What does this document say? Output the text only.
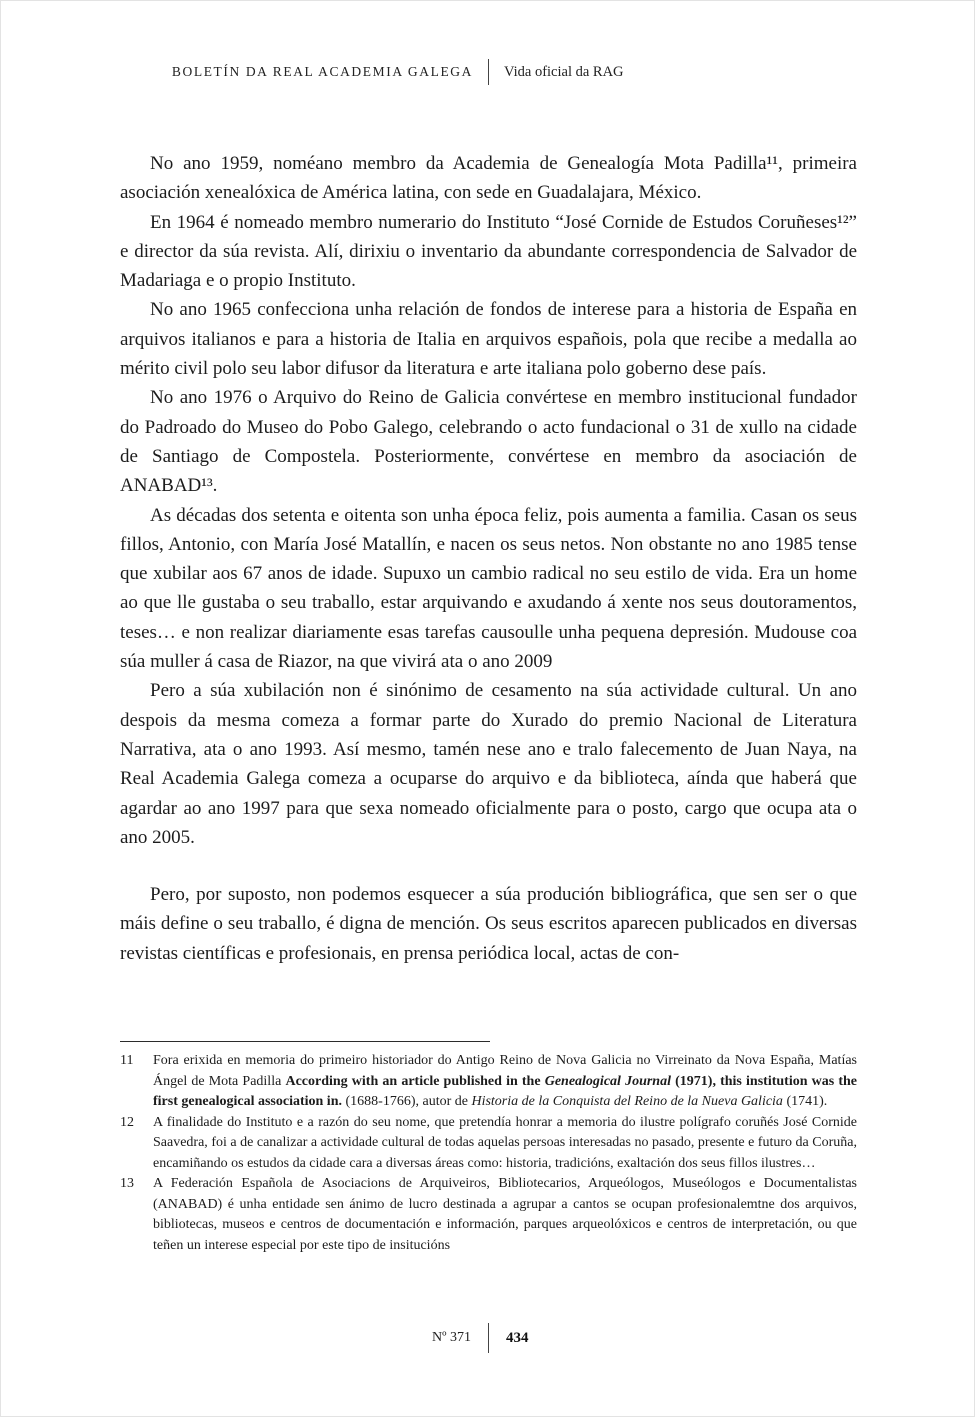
BOLETÍN DA REAL ACADEMIA GALEGA	Vida oficial da RAG

No ano 1959, noméano membro da Academia de Genealogía Mota Padilla¹¹, primeira asociación xenealóxica de América latina, con sede en Guadalajara, México.

En 1964 é nomeado membro numerario do Instituto “José Cornide de Estudos Coruñeses¹²” e director da súa revista. Alí, dirixiu o inventario da abundante correspondencia de Salvador de Madariaga e o propio Instituto.

No ano 1965 confecciona unha relación de fondos de interese para a historia de España en arquivos italianos e para a historia de Italia en arquivos españois, pola que recibe a medalla ao mérito civil polo seu labor difusor da literatura e arte italiana polo goberno dese país.

No ano 1976 o Arquivo do Reino de Galicia convértese en membro institucional fundador do Padroado do Museo do Pobo Galego, celebrando o acto fundacional o 31 de xullo na cidade de Santiago de Compostela. Posteriormente, convértese en membro da asociación de ANABAD¹³.

As décadas dos setenta e oitenta son unha época feliz, pois aumenta a familia. Casan os seus fillos, Antonio, con María José Matallín, e nacen os seus netos. Non obstante no ano 1985 tense que xubilar aos 67 anos de idade. Supuxo un cambio radical no seu estilo de vida. Era un home ao que lle gustaba o seu traballo, estar arquivando e axudando á xente nos seus doutoramentos, teses… e non realizar diariamente esas tarefas causoulle unha pequena depresión. Mudouse coa súa muller á casa de Riazor, na que vivirá ata o ano 2009

Pero a súa xubilación non é sinónimo de cesamento na súa actividade cultural. Un ano despois da mesma comeza a formar parte do Xurado do premio Nacional de Literatura Narrativa, ata o ano 1993. Así mesmo, tamén nese ano e tralo falecemento de Juan Naya, na Real Academia Galega comeza a ocuparse do arquivo e da biblioteca, aínda que haberá que agardar ao ano 1997 para que sexa nomeado oficialmente para o posto, cargo que ocupa ata o ano 2005.

Pero, por suposto, non podemos esquecer a súa produción bibliográfica, que sen ser o que máis define o seu traballo, é digna de mención. Os seus escritos aparecen publicados en diversas revistas científicas e profesionais, en prensa periódica local, actas de con-

11 Fora erixida en memoria do primeiro historiador do Antigo Reino de Nova Galicia no Virreinato da Nova España, Matías Ángel de Mota Padilla According with an article published in the Genealogical Journal (1971), this institution was the first genealogical association in. (1688-1766), autor de Historia de la Conquista del Reino de la Nueva Galicia (1741).
12 A finalidade do Instituto e a razón do seu nome, que pretendía honrar a memoria do ilustre polígrafo coruñés José Cornide Saavedra, foi a de canalizar a actividade cultural de todas aquelas persoas interesadas no pasado, presente e futuro da Coruña, encamiñando os estudos da cidade cara a diversas áreas como: historia, tradicións, exaltación dos seus fillos ilustres…
13 A Federación Española de Asociacions de Arquiveiros, Bibliotecarios, Arqueólogos, Museólogos e Documentalistas (ANABAD) é unha entidade sen ánimo de lucro destinada a agrupar a cantos se ocupan profesionalemtne dos arquivos, bibliotecas, museos e centros de documentación e información, parques arqueolóxicos e centros de interpretación, ou que teñen un interese especial por este tipo de insitucións
Nº 371	434
